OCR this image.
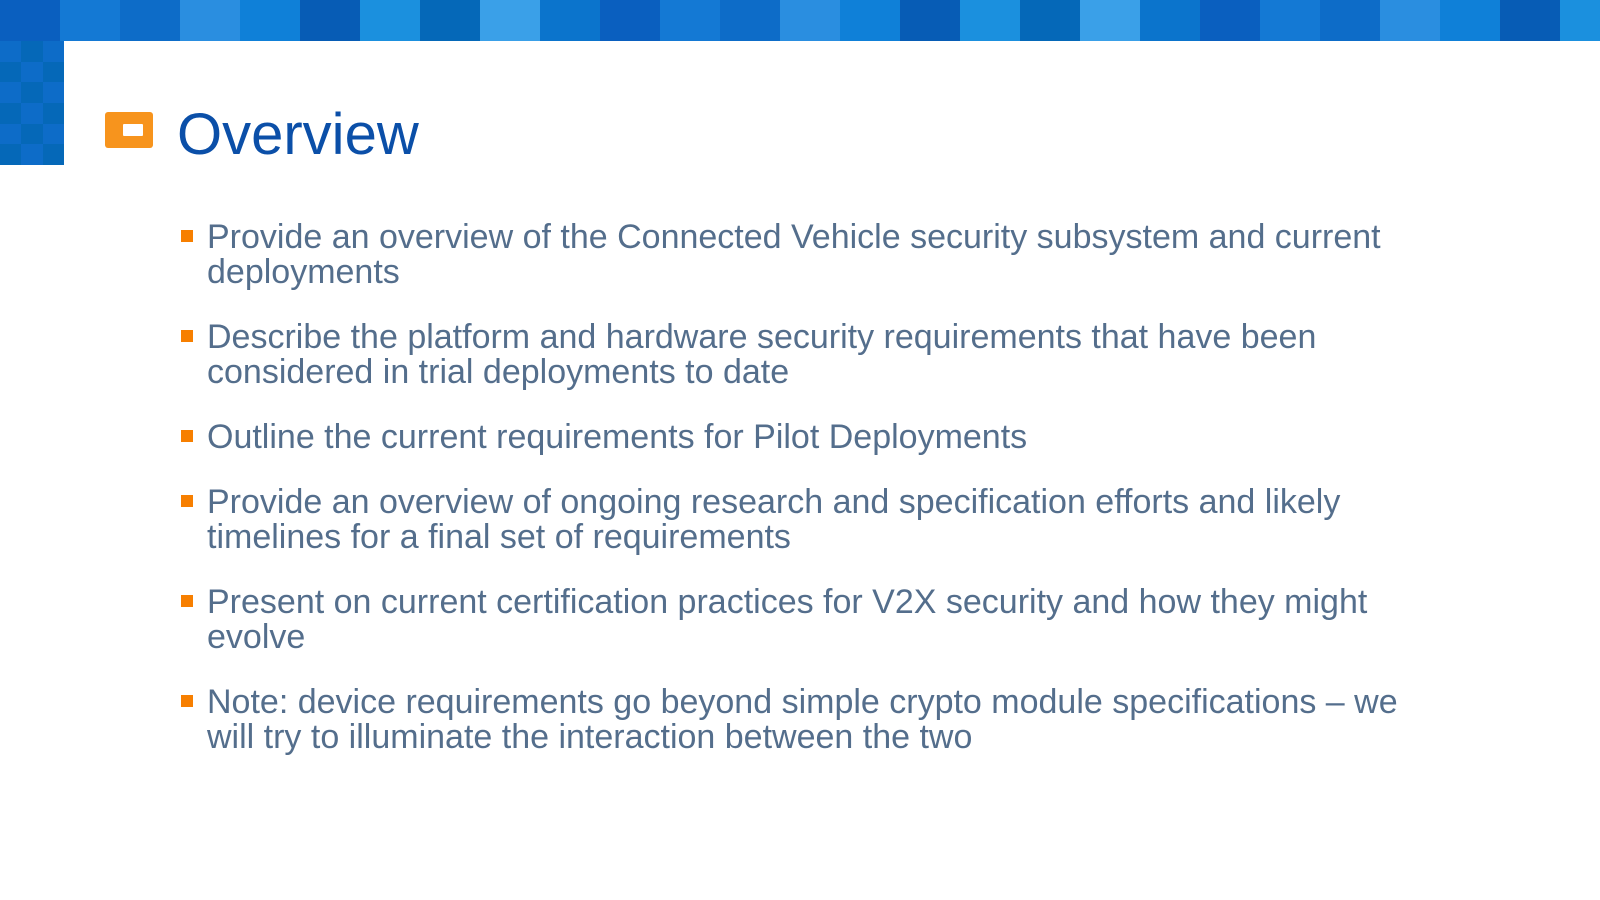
Overview
Provide an overview of the Connected Vehicle security subsystem and current deployments
Describe the platform and hardware security requirements that have been considered in trial deployments to date
Outline the current requirements for Pilot Deployments
Provide an overview of ongoing research and specification efforts and likely timelines for a final set of requirements
Present on current certification practices for V2X security and how they might evolve
Note: device requirements go beyond simple crypto module specifications – we will try to illuminate the interaction between the two
